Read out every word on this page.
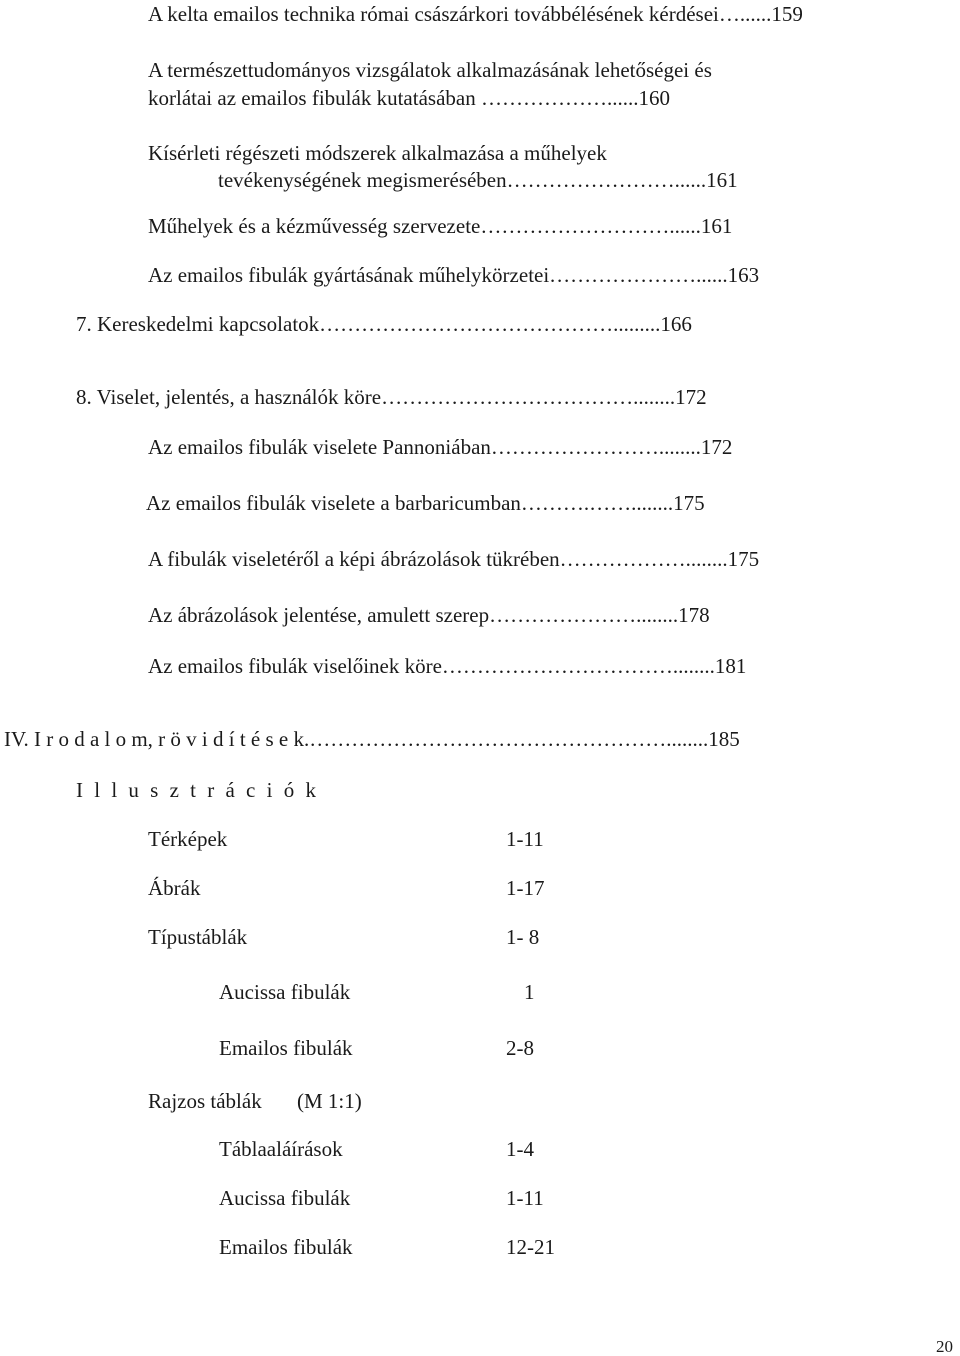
A kelta emailos technika római császárkori továbbélésének kérdései…......159
A természettudományos vizsgálatok alkalmazásának lehetőségei és
korlátai az emailos fibulák kutatásában ………………......160
Kísérleti régészeti módszerek alkalmazása a műhelyek
tevékenységének megismerésében……………………......161
Műhelyek és a kézművesség szervezete………………………......161
Az emailos fibulák gyártásának műhelykörzetei…………………......163
7. Kereskedelmi kapcsolatok…………………………………….........166
8. Viselet, jelentés, a használók köre………………………………........172
Az emailos fibulák viselete Pannoniában……………………........172
Az emailos fibulák viselete a barbaricumban……….……........175
A fibulák viseletéről a képi ábrázolások tükrében………………........175
Az ábrázolások jelentése, amulett szerep…………………........178
Az emailos fibulák viselőinek köre……………………………........181
IV. I r o d a l o m, r ö v i d í t é s e k.……………………………………………........185
I l l u s z t r á c i ó k
Térképek	1-11
Ábrák	1-17
Típustáblák	1- 8
Aucissa fibulák	1
Emailos fibulák	2-8
Rajzos táblák (M 1:1)
Táblaaláírások	1-4
Aucissa fibulák	1-11
Emailos fibulák	12-21
20
